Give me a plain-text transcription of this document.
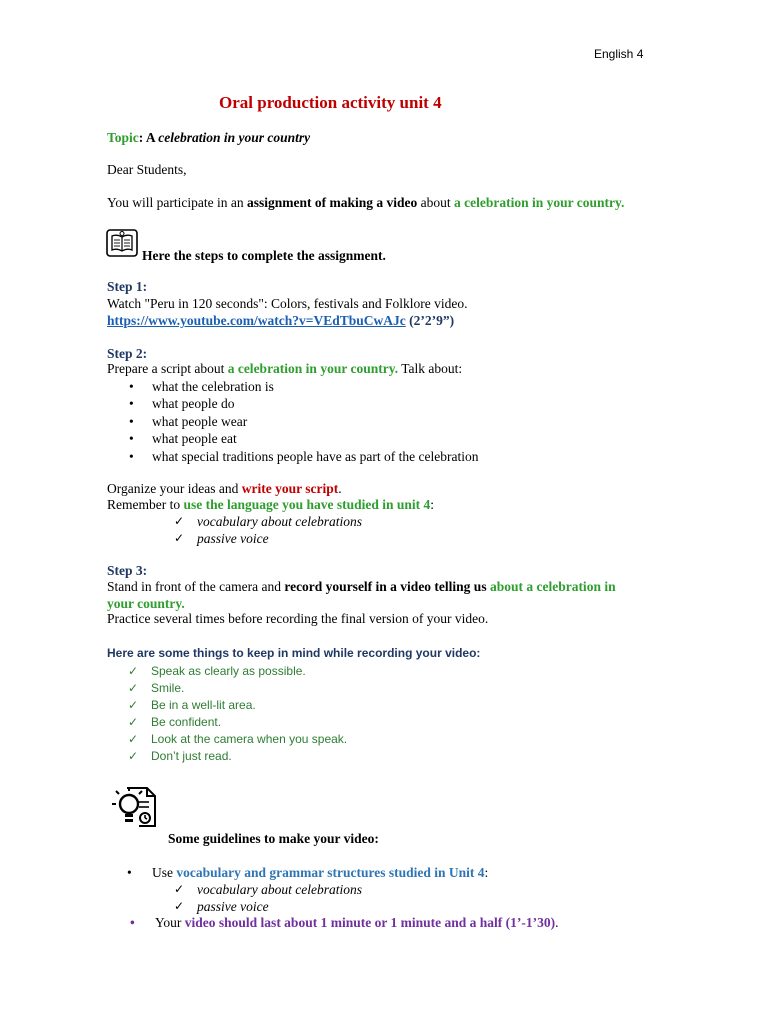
English 4
Oral production activity unit 4
Topic: A celebration in your country
Dear Students,
You will participate in an assignment of making a video about a celebration in your country.
Here the steps to complete the assignment.
Step 1:
Watch "Peru in 120 seconds": Colors, festivals and Folklore video.
https://www.youtube.com/watch?v=VEdTbuCwAJc (2’2’9”)
Step 2:
Prepare a script about a celebration in your country. Talk about:
• what the celebration is
• what people do
• what people wear
• what people eat
• what special traditions people have as part of the celebration
Organize your ideas and write your script.
Remember to use the language you have studied in unit 4:
✓ vocabulary about celebrations
✓ passive voice
Step 3:
Stand in front of the camera and record yourself in a video telling us about a celebration in
your country.
Practice several times before recording the final version of your video.
Here are some things to keep in mind while recording your video:
✓ Speak as clearly as possible.
✓ Smile.
✓ Be in a well-lit area.
✓ Be confident.
✓ Look at the camera when you speak.
✓ Don’t just read.
Some guidelines to make your video:
• Use vocabulary and grammar structures studied in Unit 4:
✓ vocabulary about celebrations
✓ passive voice
• Your video should last about 1 minute or 1 minute and a half (1’-1’30).
